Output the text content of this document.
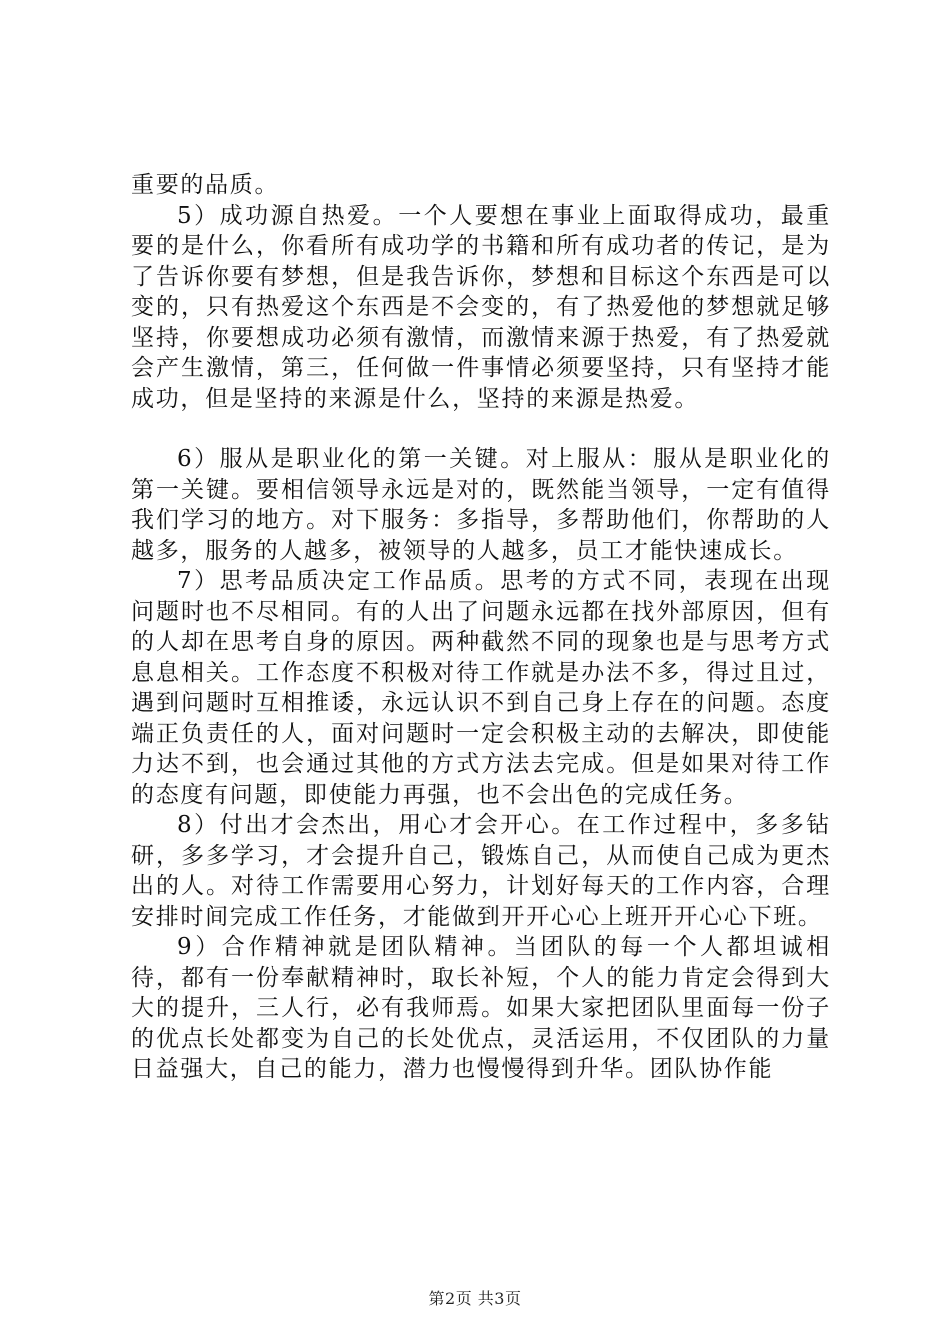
重要的品质。

5）成功源自热爱。一个人要想在事业上面取得成功，最重要的是什么，你看所有成功学的书籍和所有成功者的传记，是为了告诉你要有梦想，但是我告诉你，梦想和目标这个东西是可以变的，只有热爱这个东西是不会变的，有了热爱他的梦想就足够坚持，你要想成功必须有激情，而激情来源于热爱，有了热爱就会产生激情，第三，任何做一件事情必须要坚持，只有坚持才能成功，但是坚持的来源是什么，坚持的来源是热爱。

6）服从是职业化的第一关键。对上服从：服从是职业化的第一关键。要相信领导永远是对的，既然能当领导，一定有值得我们学习的地方。对下服务：多指导，多帮助他们，你帮助的人越多，服务的人越多，被领导的人越多，员工才能快速成长。

7）思考品质决定工作品质。思考的方式不同，表现在出现问题时也不尽相同。有的人出了问题永远都在找外部原因，但有的人却在思考自身的原因。两种截然不同的现象也是与思考方式息息相关。工作态度不积极对待工作就是办法不多，得过且过，遇到问题时互相推诿，永远认识不到自己身上存在的问题。态度端正负责任的人，面对问题时一定会积极主动的去解决，即使能力达不到，也会通过其他的方式方法去完成。但是如果对待工作的态度有问题，即使能力再强，也不会出色的完成任务。

8）付出才会杰出，用心才会开心。在工作过程中，多多钻研，多多学习，才会提升自己，锻炼自己，从而使自己成为更杰出的人。对待工作需要用心努力，计划好每天的工作内容，合理安排时间完成工作任务，才能做到开开心心上班开开心心下班。

9）合作精神就是团队精神。当团队的每一个人都坦诚相待，都有一份奉献精神时，取长补短，个人的能力肯定会得到大大的提升，三人行，必有我师焉。如果大家把团队里面每一份子的优点长处都变为自己的长处优点，灵活运用，不仅团队的力量日益强大，自己的能力，潜力也慢慢得到升华。团队协作能

第2页 共3页
